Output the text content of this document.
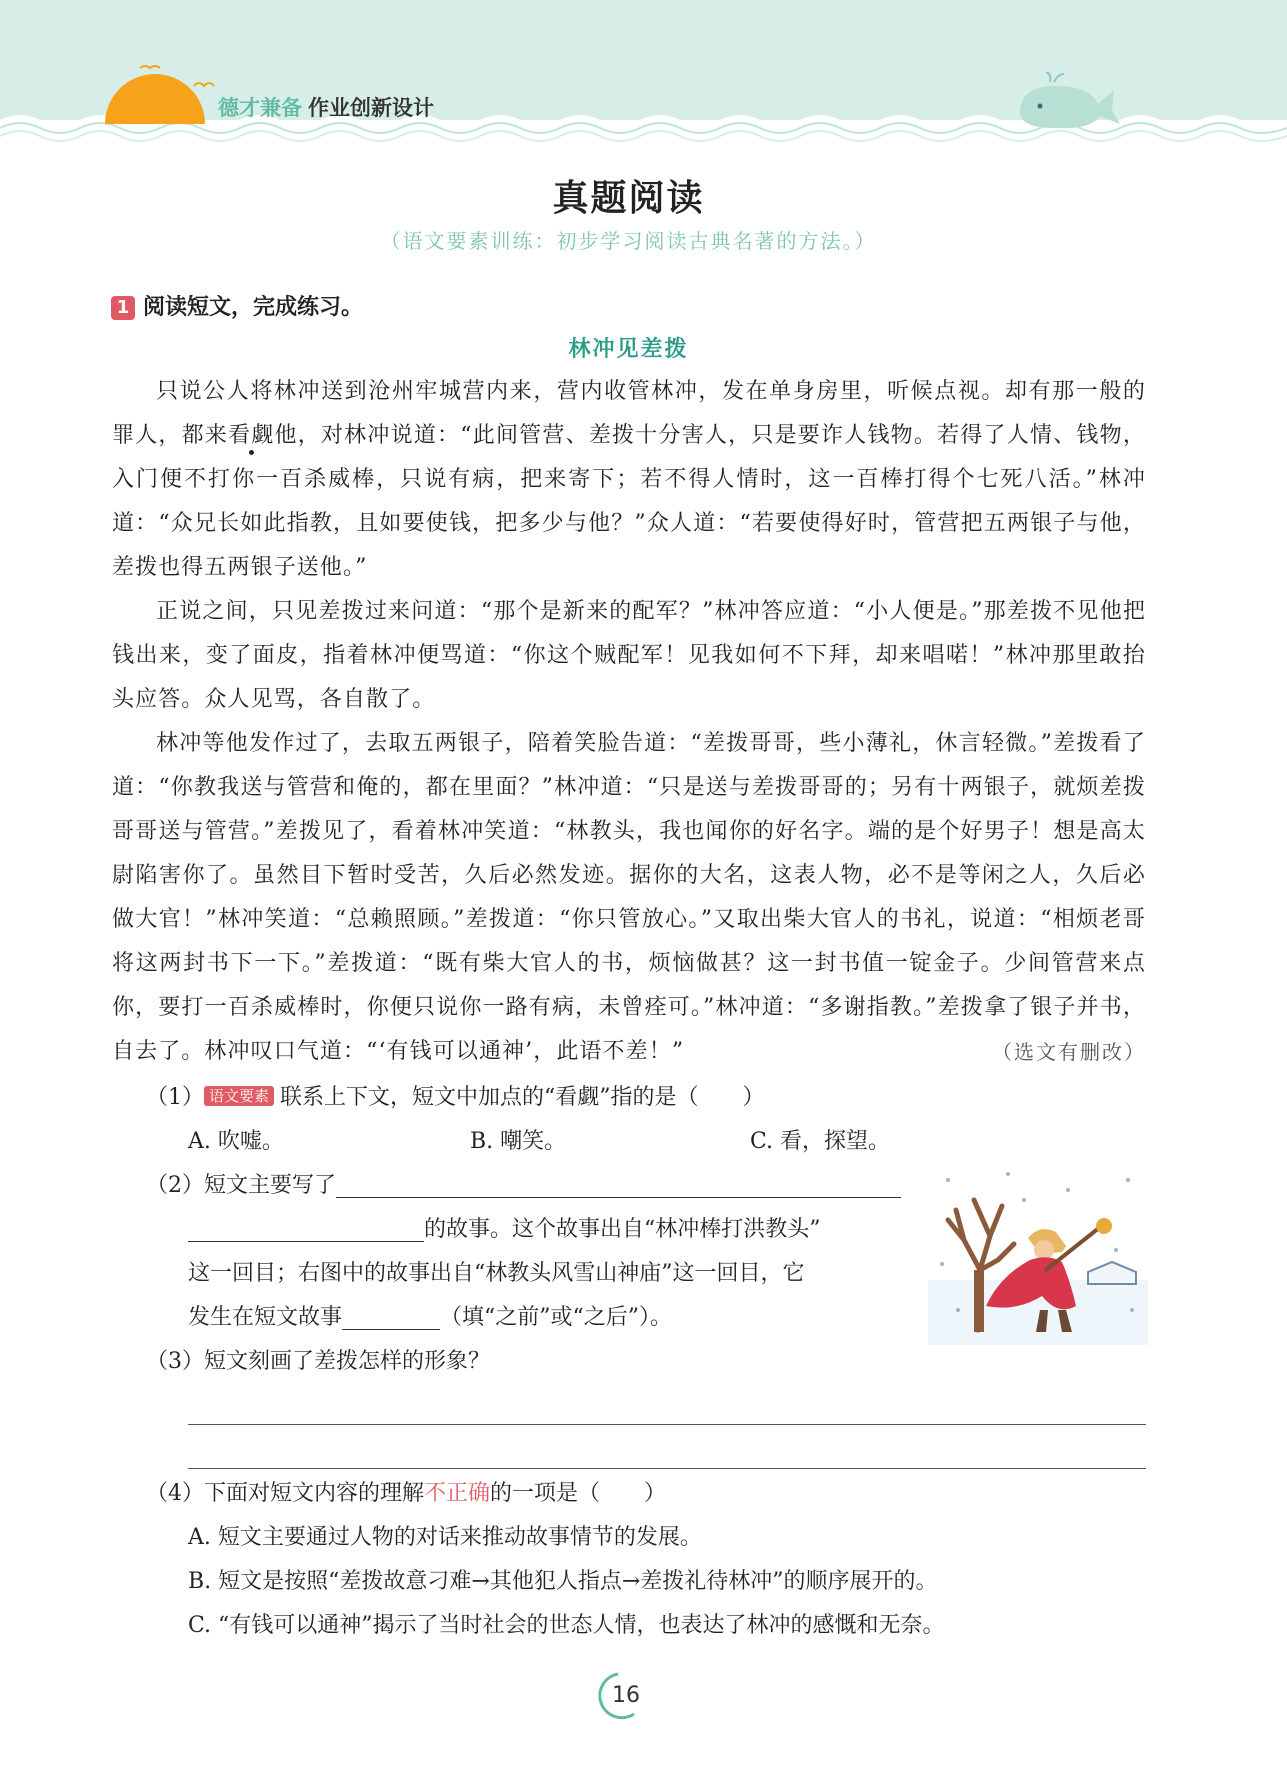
德才兼备 作业创新设计
真题阅读
（语文要素训练：初步学习阅读古典名著的方法。）
1 阅读短文，完成练习。
林冲见差拨

只说公人将林冲送到沧州牢城营内来，营内收管林冲，发在单身房里，听候点视。却有那一般的罪人，都来看觑他，对林冲说道：“此间管营、差拨十分害人，只是要诈人钱物。若得了人情、钱物，入门便不打你一百杀威棒，只说有病，把来寄下；若不得人情时，这一百棒打得个七死八活。”林冲道：“众兄长如此指教，且如要使钱，把多少与他？”众人道：“若要使得好时，管营把五两银子与他，差拨也得五两银子送他。”

正说之间，只见差拨过来问道：“那个是新来的配军？”林冲答应道：“小人便是。”那差拨不见他把钱出来，变了面皮，指着林冲便骂道：“你这个贼配军！见我如何不下拜，却来唱喏！”林冲那里敢抬头应答。众人见骂，各自散了。

林冲等他发作过了，去取五两银子，陪着笑脸告道：“差拨哥哥，些小薄礼，休言轻微。”差拨看了道：“你教我送与管营和俺的，都在里面？”林冲道：“只是送与差拨哥哥的；另有十两银子，就烦差拨哥哥送与管营。”差拨见了，看着林冲笑道：“林教头，我也闻你的好名字。端的是个好男子！想是高太尉陷害你了。虽然目下暂时受苦，久后必然发迹。据你的大名，这表人物，必不是等闲之人，久后必做大官！”林冲笑道：“总赖照顾。”差拨道：“你只管放心。”又取出柴大官人的书礼，说道：“相烦老哥将这两封书下一下。”差拨道：“既有柴大官人的书，烦恼做甚？这一封书值一锭金子。少间管营来点你，要打一百杀威棒时，你便只说你一路有病，未曾痊可。”林冲道：“多谢指教。”差拨拿了银子并书，自去了。林冲叹口气道：“‘有钱可以通神’，此语不差！”	（选文有删改）

（1） 语文要素 联系上下文，短文中加点的“看觑”指的是（　　）
A. 吹嘘。	B. 嘲笑。	C. 看，探望。
（2）短文主要写了
的故事。这个故事出自“林冲棒打洪教头”
这一回目；右图中的故事出自“林教头风雪山神庙”这一回目，它
发生在短文故事	（填“之前”或“之后”）。
（3）短文刻画了差拨怎样的形象？
（4）下面对短文内容的理解不正确的一项是（　　）
A. 短文主要通过人物的对话来推动故事情节的发展。
B. 短文是按照“差拨故意刁难→其他犯人指点→差拨礼待林冲”的顺序展开的。
C. “有钱可以通神”揭示了当时社会的世态人情，也表达了林冲的感慨和无奈。
16
